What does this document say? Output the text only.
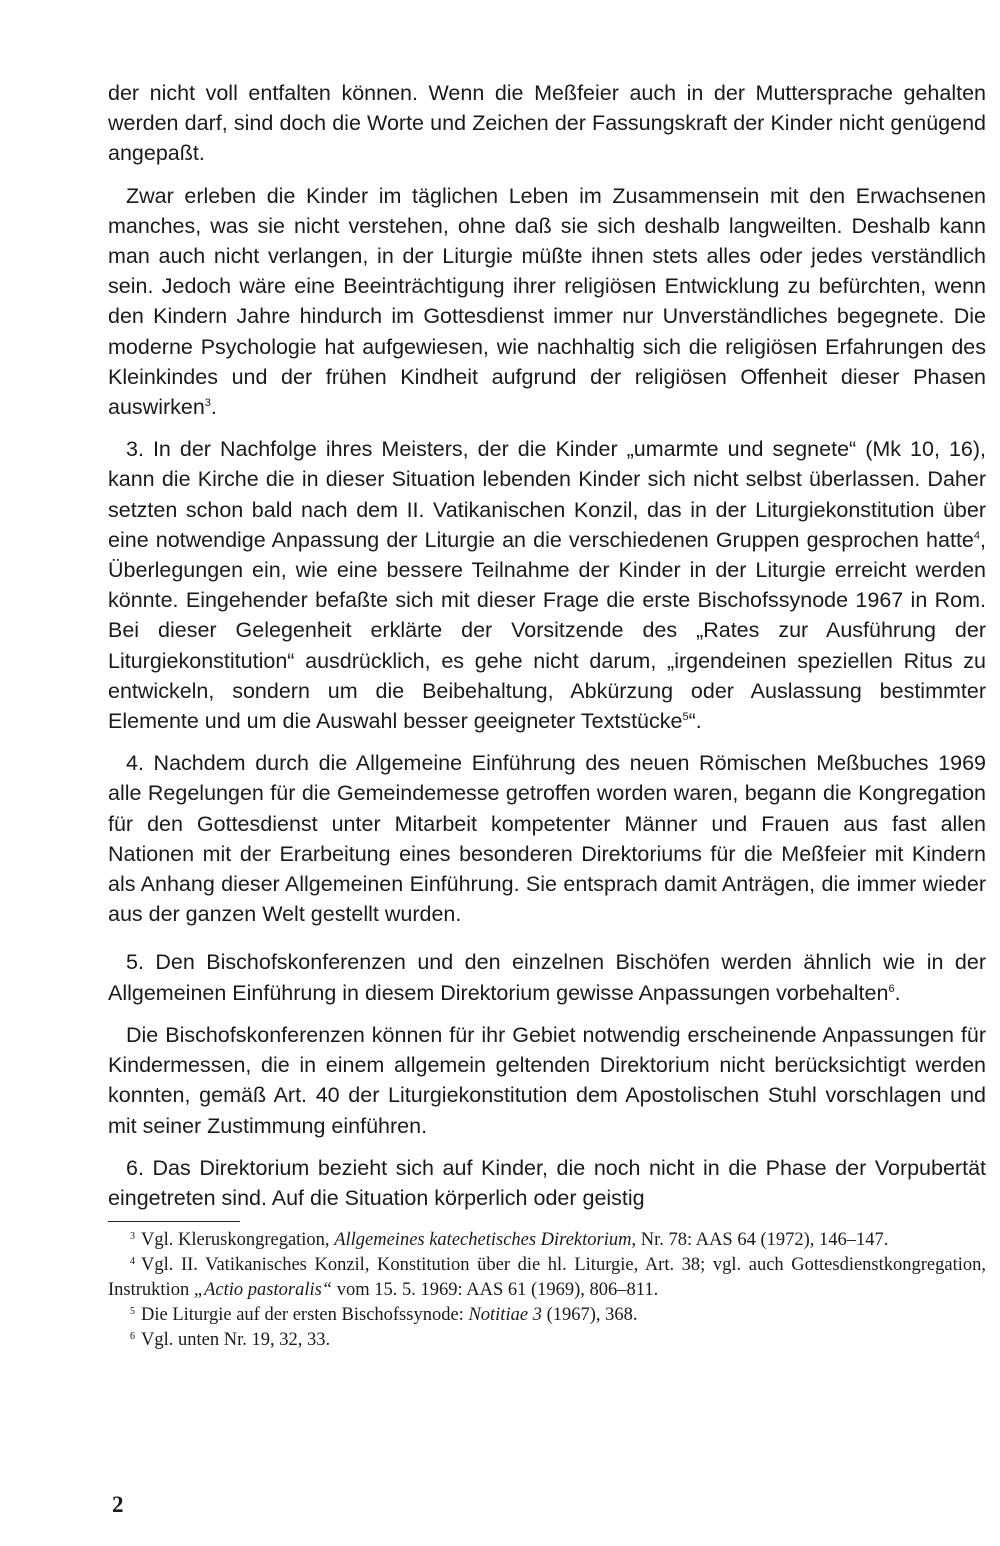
der nicht voll entfalten können. Wenn die Meßfeier auch in der Muttersprache gehalten werden darf, sind doch die Worte und Zeichen der Fassungskraft der Kinder nicht genügend angepaßt.

Zwar erleben die Kinder im täglichen Leben im Zusammensein mit den Erwachsenen manches, was sie nicht verstehen, ohne daß sie sich deshalb langweilten. Deshalb kann man auch nicht verlangen, in der Liturgie müßte ihnen stets alles oder jedes verständlich sein. Jedoch wäre eine Beeinträchtigung ihrer religiösen Entwicklung zu befürchten, wenn den Kindern Jahre hindurch im Gottesdienst immer nur Unverständliches begegnete. Die moderne Psychologie hat aufgewiesen, wie nachhaltig sich die religiösen Erfahrungen des Kleinkindes und der frühen Kindheit aufgrund der religiösen Offenheit dieser Phasen auswirken$^3$.

3. In der Nachfolge ihres Meisters, der die Kinder „umarmte und segnete“ (Mk 10, 16), kann die Kirche die in dieser Situation lebenden Kinder sich nicht selbst überlassen. Daher setzten schon bald nach dem II. Vatikanischen Konzil, das in der Liturgiekonstitution über eine notwendige Anpassung der Liturgie an die verschiedenen Gruppen gesprochen hatte$^4$, Überlegungen ein, wie eine bessere Teilnahme der Kinder in der Liturgie erreicht werden könnte. Eingehender befaßte sich mit dieser Frage die erste Bischofssynode 1967 in Rom. Bei dieser Gelegenheit erklärte der Vorsitzende des „Rates zur Ausführung der Liturgiekonstitution“ ausdrücklich, es gehe nicht darum, „irgendeinen speziellen Ritus zu entwickeln, sondern um die Beibehaltung, Abkürzung oder Auslassung bestimmter Elemente und um die Auswahl besser geeigneter Textstücke$^5$“.

4. Nachdem durch die Allgemeine Einführung des neuen Römischen Meßbuches 1969 alle Regelungen für die Gemeindemesse getroffen worden waren, begann die Kongregation für den Gottesdienst unter Mitarbeit kompetenter Männer und Frauen aus fast allen Nationen mit der Erarbeitung eines besonderen Direktoriums für die Meßfeier mit Kindern als Anhang dieser Allgemeinen Einführung. Sie entsprach damit Anträgen, die immer wieder aus der ganzen Welt gestellt wurden.

5. Den Bischofskonferenzen und den einzelnen Bischöfen werden ähnlich wie in der Allgemeinen Einführung in diesem Direktorium gewisse Anpassungen vorbehalten$^6$.

Die Bischofskonferenzen können für ihr Gebiet notwendig erscheinende Anpassungen für Kindermessen, die in einem allgemein geltenden Direktorium nicht berücksichtigt werden konnten, gemäß Art. 40 der Liturgiekonstitution dem Apostolischen Stuhl vorschlagen und mit seiner Zustimmung einführen.

6. Das Direktorium bezieht sich auf Kinder, die noch nicht in die Phase der Vorpubertät eingetreten sind. Auf die Situation körperlich oder geistig

$^3$ Vgl. Kleruskongregation, Allgemeines katechetisches Direktorium, Nr. 78: AAS 64 (1972), 146–147.

$^4$ Vgl. II. Vatikanisches Konzil, Konstitution über die hl. Liturgie, Art. 38; vgl. auch Gottesdienstkongregation, Instruktion „Actio pastoralis“ vom 15. 5. 1969: AAS 61 (1969), 806–811.

$^5$ Die Liturgie auf der ersten Bischofssynode: Notitiae 3 (1967), 368.

$^6$ Vgl. unten Nr. 19, 32, 33.

2
